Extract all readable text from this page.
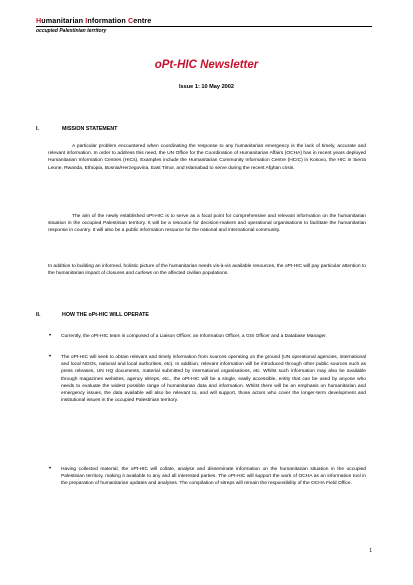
Humanitarian Information Centre
occupied Palestinian territory
oPt-HIC Newsletter
Issue 1: 10 May 2002
I.	MISSION STATEMENT
A particular problem encountered when coordinating the response to any humanitarian emergency is the lack of timely, accurate and relevant information. In order to address this need, the UN Office for the Coordination of Humanitarian Affairs (OCHA) has in recent years deployed Humanitarian Information Centres (HICs). Examples include the Humanitarian Community Information Centre (HCIC) in Kosovo, the HIC in Sierra Leone, Rwanda, Ethiopia, Bosnia/Herzegovina, East Timor, and Islamabad to serve during the recent Afghan crisis.
The aim of the newly established oPt-HIC is to serve as a focal point for comprehensive and relevant information on the humanitarian situation in the occupied Palestinian territory. It will be a resource for decision-makers and operational organisations to facilitate the humanitarian response in country. It will also be a public information resource for the national and international community.
In addition to building an informed, holistic picture of the humanitarian needs vis-à-vis available resources, the oPt-HIC will pay particular attention to the humanitarian impact of closures and curfews on the affected civilian populations.
II.	HOW THE oPt-HIC WILL OPERATE
• Currently, the oPt-HIC team is composed of a Liaison Officer, an Information Officer, a GIS Officer and a Database Manager.
• The oPt-HIC will seek to obtain relevant and timely information from sources operating on the ground (UN operational agencies, international and local NGOs, national and local authorities, etc). In addition, relevant information will be introduced through other public sources such as press releases, UN HQ documents, material submitted by international organisations, etc. Whilst such information may also be available through magazines websites, agency sitreps, etc., the oPt-HIC will be a single, easily accessible, entity that can be used by anyone who needs to evaluate the widest possible range of humanitarian data and information. Whilst there will be an emphasis on humanitarian and emergency issues, the data available will also be relevant to, and will support, those actors who cover the longer-term development and institutional issues in the occupied Palestinian territory.
• Having collected material, the oPt-HIC will collate, analyse and disseminate information on the humanitarian situation in the occupied Palestinian territory, making it available to any and all interested parties. The oPt-HIC will support the work of OCHA as an information tool in the preparation of humanitarian updates and analyses. The compilation of sitreps will remain the responsibility of the OCHA Field Office.
1
